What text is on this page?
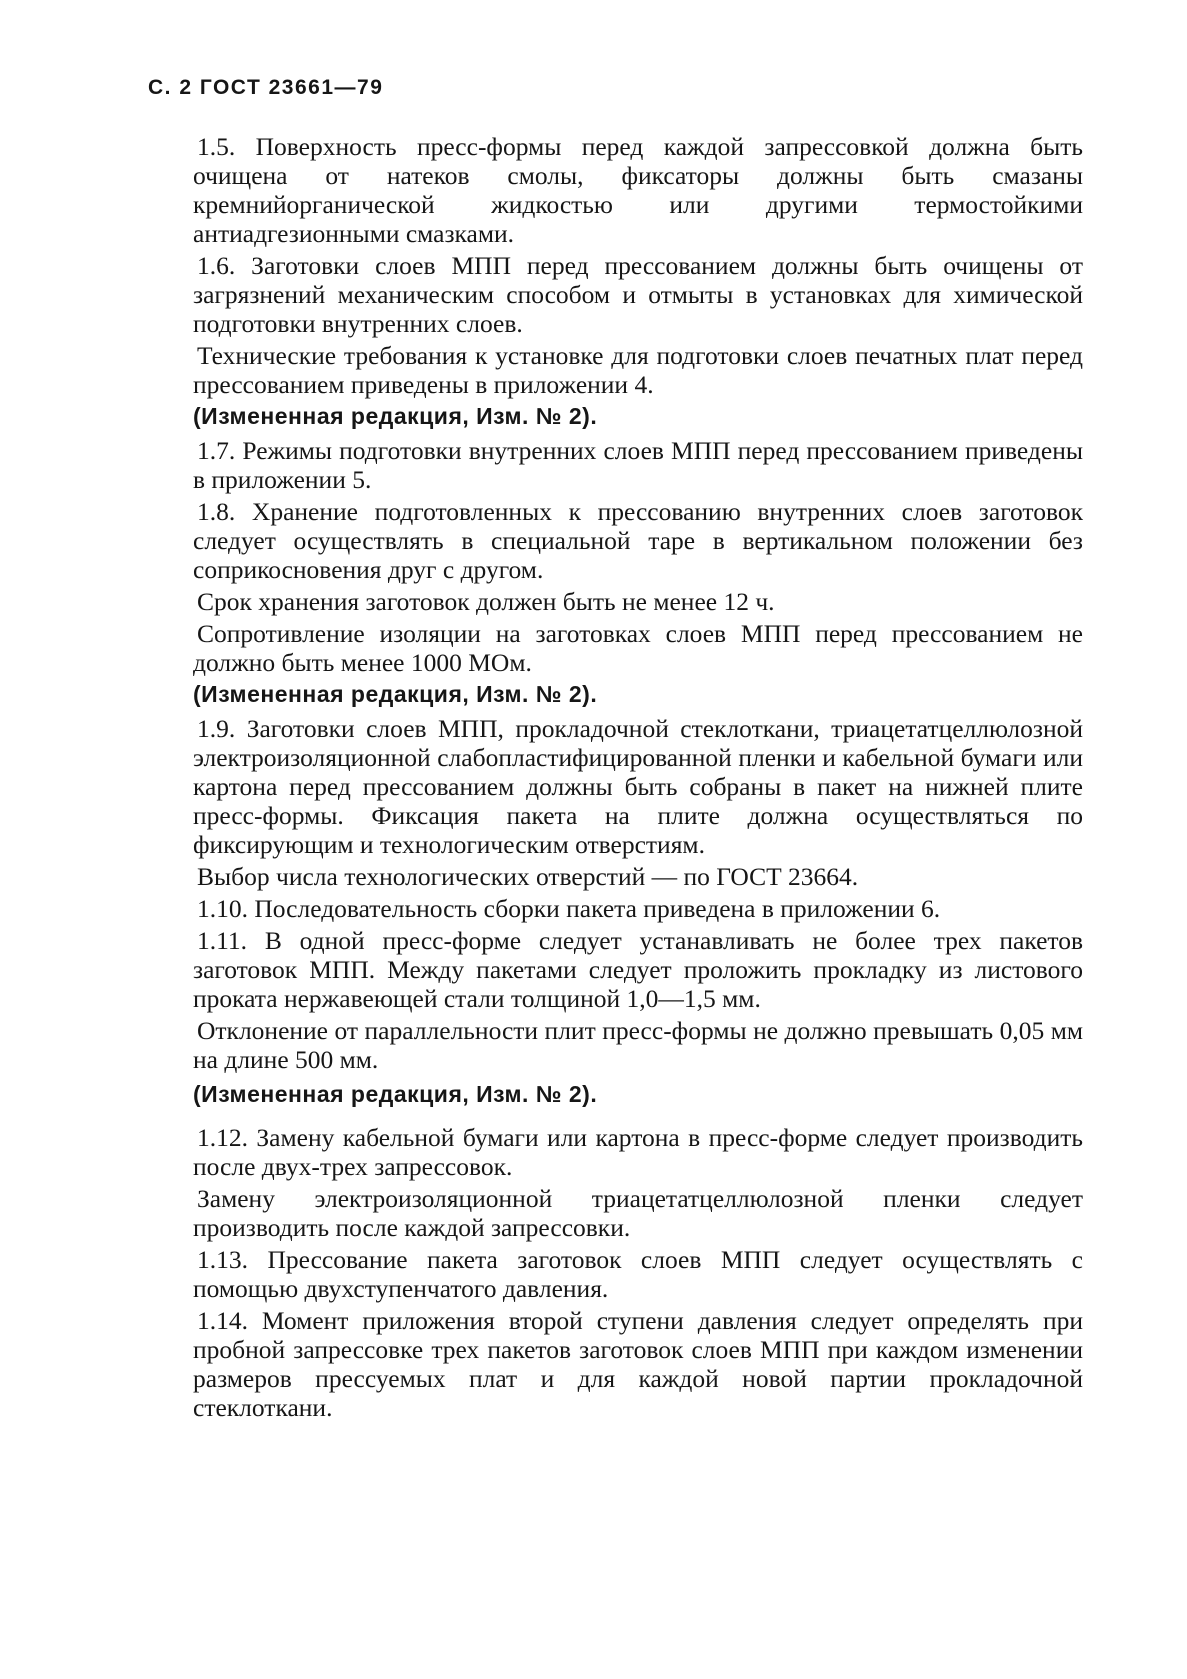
С. 2 ГОСТ 23661—79
1.5. Поверхность пресс-формы перед каждой запрессовкой должна быть очищена от натеков смолы, фиксаторы должны быть смазаны кремнийорганической жидкостью или другими термостойкими антиадгезионными смазками.
1.6. Заготовки слоев МПП перед прессованием должны быть очищены от загрязнений механическим способом и отмыты в установках для химической подготовки внутренних слоев.
Технические требования к установке для подготовки слоев печатных плат перед прессованием приведены в приложении 4.
(Измененная редакция, Изм. № 2).
1.7. Режимы подготовки внутренних слоев МПП перед прессованием приведены в приложении 5.
1.8. Хранение подготовленных к прессованию внутренних слоев заготовок следует осуществлять в специальной таре в вертикальном положении без соприкосновения друг с другом.
Срок хранения заготовок должен быть не менее 12 ч.
Сопротивление изоляции на заготовках слоев МПП перед прессованием не должно быть менее 1000 МОм.
(Измененная редакция, Изм. № 2).
1.9. Заготовки слоев МПП, прокладочной стеклоткани, триацетатцеллюлозной электроизоляционной слабопластифицированной пленки и кабельной бумаги или картона перед прессованием должны быть собраны в пакет на нижней плите пресс-формы. Фиксация пакета на плите должна осуществляться по фиксирующим и технологическим отверстиям.
Выбор числа технологических отверстий — по ГОСТ 23664.
1.10. Последовательность сборки пакета приведена в приложении 6.
1.11. В одной пресс-форме следует устанавливать не более трех пакетов заготовок МПП. Между пакетами следует проложить прокладку из листового проката нержавеющей стали толщиной 1,0—1,5 мм.
Отклонение от параллельности плит пресс-формы не должно превышать 0,05 мм на длине 500 мм.
(Измененная редакция, Изм. № 2).
1.12. Замену кабельной бумаги или картона в пресс-форме следует производить после двух-трех запрессовок.
Замену электроизоляционной триацетатцеллюлозной пленки следует производить после каждой запрессовки.
1.13. Прессование пакета заготовок слоев МПП следует осуществлять с помощью двухступенчатого давления.
1.14. Момент приложения второй ступени давления следует определять при пробной запрессовке трех пакетов заготовок слоев МПП при каждом изменении размеров прессуемых плат и для каждой новой партии прокладочной стеклоткани.
